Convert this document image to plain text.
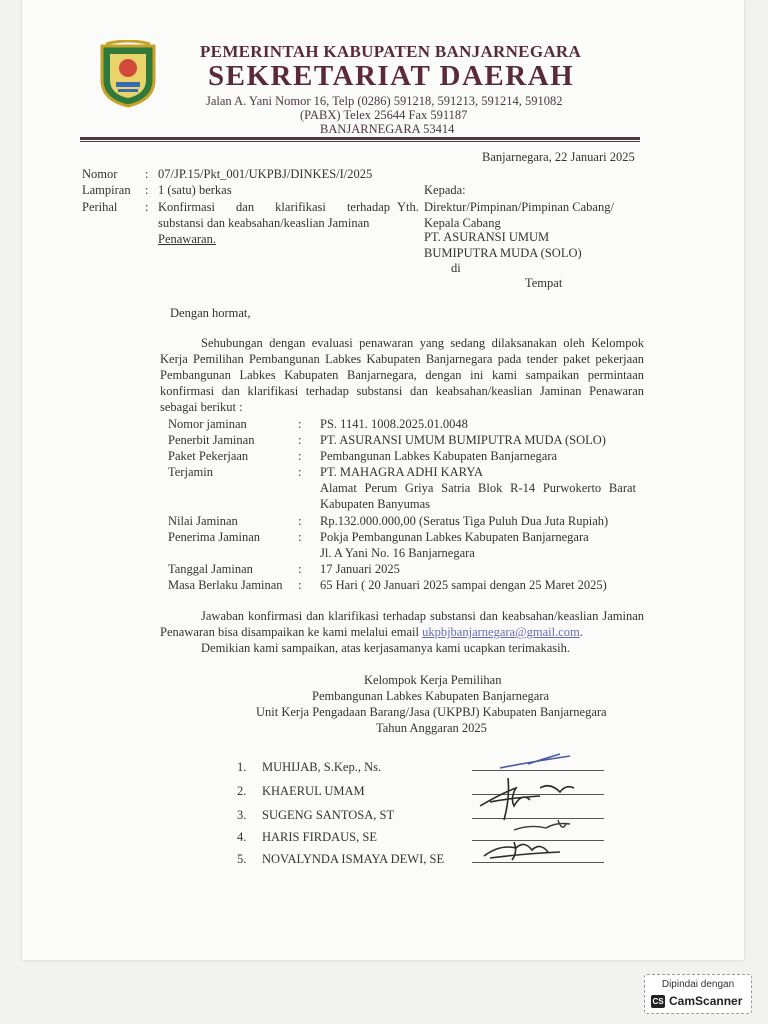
PEMERINTAH KABUPATEN BANJARNEGARA
SEKRETARIAT DAERAH
Jalan A. Yani Nomor 16, Telp (0286) 591218, 591213, 591214, 591082
(PABX) Telex 25644 Fax 591187
BANJARNEGARA 53414
Banjarnegara, 22 Januari 2025
Nomor : 07/JP.15/Pkt_001/UKPBJ/DINKES/I/2025
Lampiran : 1 (satu) berkas
Perihal : Konfirmasi dan klarifikasi terhadap
substansi dan keabsahan/keaslian Jaminan
Penawaran.
Kepada:
Yth. Direktur/Pimpinan/Pimpinan Cabang/
Kepala Cabang
PT. ASURANSI UMUM
BUMIPUTRA MUDA (SOLO)
di
Tempat
Dengan hormat,
Sehubungan dengan evaluasi penawaran yang sedang dilaksanakan oleh Kelompok
Kerja Pemilihan Pembangunan Labkes Kabupaten Banjarnegara pada tender paket pekerjaan
Pembangunan Labkes Kabupaten Banjarnegara, dengan ini kami sampaikan permintaan
konfirmasi dan klarifikasi terhadap substansi dan keabsahan/keaslian Jaminan Penawaran
sebagai berikut :
Nomor jaminan	: PS. 1141. 1008.2025.01.0048
Penerbit Jaminan	: PT. ASURANSI UMUM BUMIPUTRA MUDA (SOLO)
Paket Pekerjaan	: Pembangunan Labkes Kabupaten Banjarnegara
Terjamin	: PT. MAHAGRA ADHI KARYA
Alamat Perum Griya Satria Blok R-14 Purwokerto Barat
Kabupaten Banyumas
Nilai Jaminan	: Rp.132.000.000,00 (Seratus Tiga Puluh Dua Juta Rupiah)
Penerima Jaminan	: Pokja Pembangunan Labkes Kabupaten Banjarnegara
Jl. A Yani No. 16 Banjarnegara
Tanggal Jaminan	: 17 Januari 2025
Masa Berlaku Jaminan : 65 Hari ( 20 Januari 2025 sampai dengan 25 Maret 2025)
Jawaban konfirmasi dan klarifikasi terhadap substansi dan keabsahan/keaslian Jaminan
Penawaran bisa disampaikan ke kami melalui email ukpbjbanjarnegara@gmail.com.
Demikian kami sampaikan, atas kerjasamanya kami ucapkan terimakasih.
Kelompok Kerja Pemilihan
Pembangunan Labkes Kabupaten Banjarnegara
Unit Kerja Pengadaan Barang/Jasa (UKPBJ) Kabupaten Banjarnegara
Tahun Anggaran 2025
1. MUHIJAB, S.Kep., Ns.
2. KHAERUL UMAM
3. SUGENG SANTOSA, ST
4. HARIS FIRDAUS, SE
5. NOVALYNDA ISMAYA DEWI, SE
Dipindai dengan
CS CamScanner
